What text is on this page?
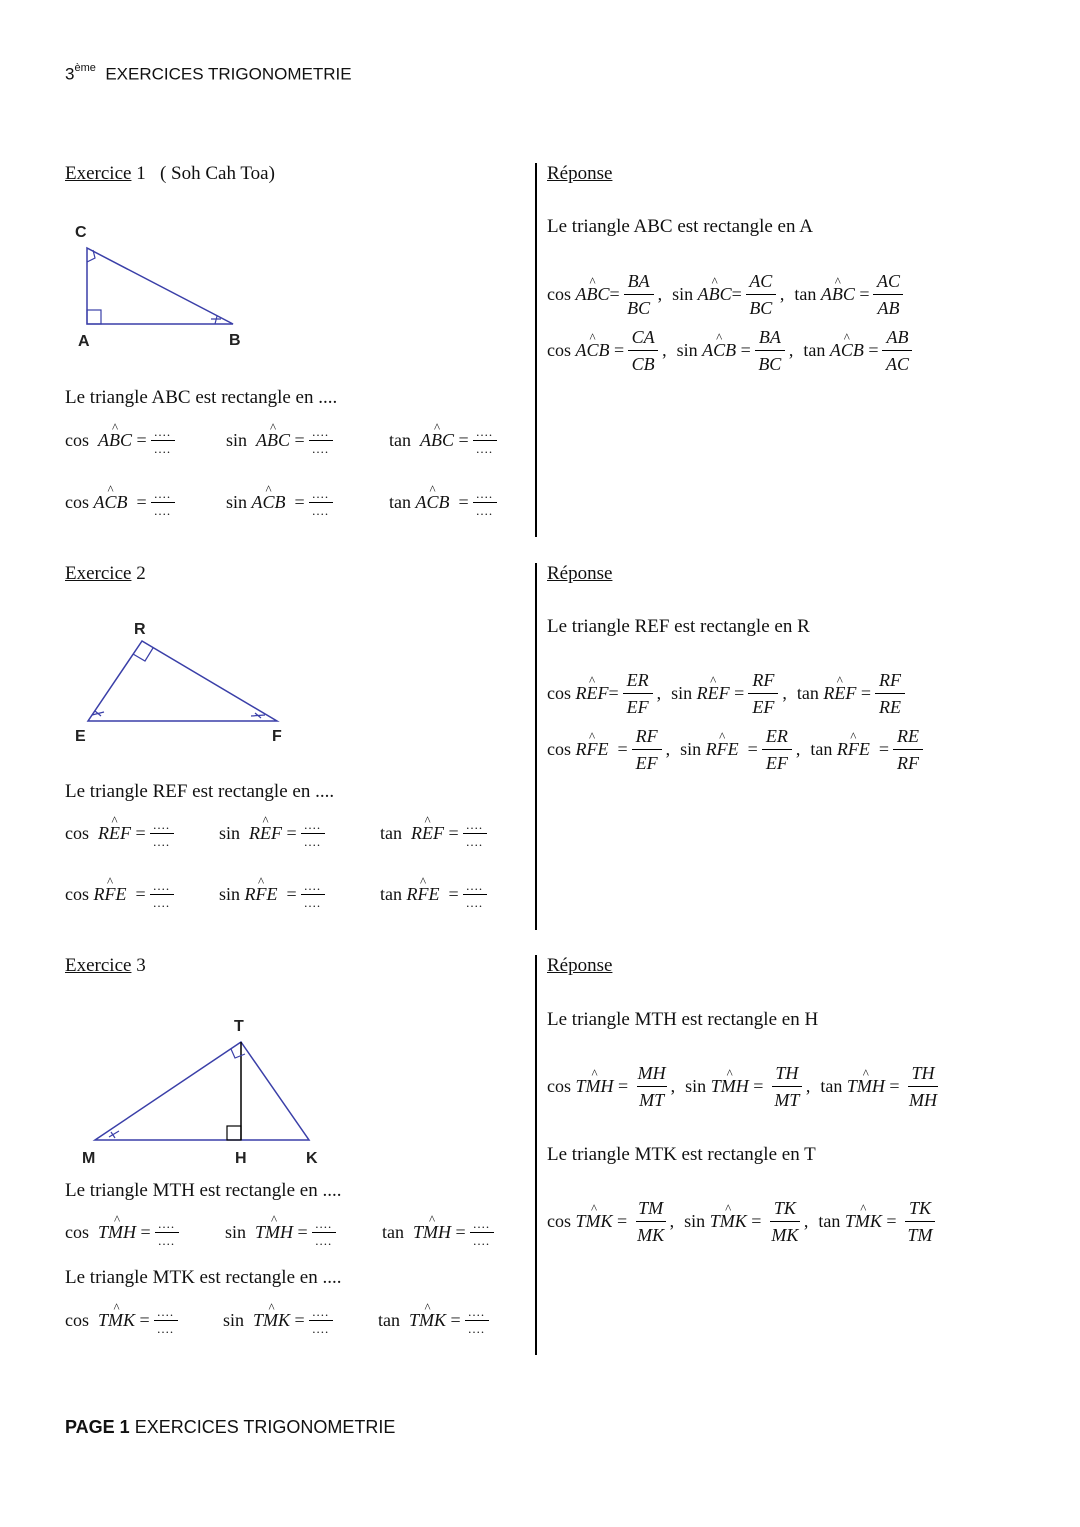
3ème EXERCICES TRIGONOMETRIE
Exercice 1 ( Soh Cah Toa)
C
A	B
Le triangle ABC est rectangle en ....
cos
^ ABC = $\frac{....}{....}$	sin
^ ABC = $\frac{....}{....}$	tan
^ ABC = $\frac{....}{....}$
cos
^ ACB = $\frac{....}{....}$	sin
^ ACB = $\frac{....}{....}$	tan
^ ACB = $\frac{....}{....}$
Réponse
Le triangle ABC est rectangle en A
cos
^ ABC =
BA
BC
, sin
^ ABC =
AC
BC
, tan
^ ABC =
AC
AB
cos
^ ACB =
CA
CB
, sin
^ ACB =
BA
BC
, tan
^ ACB =
AB
AC
Exercice 2
R
E	F
Le triangle REF est rectangle en ....
cos
^ REF = $\frac{....}{....}$	sin
^ REF = $\frac{....}{....}$	tan
^ REF = $\frac{....}{....}$
cos
^ RFE = $\frac{....}{....}$	sin
^ RFE = $\frac{....}{....}$	tan
^ RFE = $\frac{....}{....}$
Réponse
Le triangle REF est rectangle en R
cos
^ REF =
ER
EF
, sin
^ REF =
RF
EF
, tan
^ REF =
RF
RE
cos
^ RFE =
RF
EF
, sin
^ RFE =
ER
EF
, tan
^ RFE =
RE
RF
Exercice 3
T
M	H	K
Le triangle MTH est rectangle en ....
cos
^ TMH = $\frac{....}{....}$	sin
^ TMH = $\frac{....}{....}$	tan
^ TMH = $\frac{....}{....}$
Le triangle MTK est rectangle en ....
cos
^ TMK = $\frac{....}{....}$	sin
^ TMK = $\frac{....}{....}$	tan
^ TMK = $\frac{....}{....}$
Réponse
Le triangle MTH est rectangle en H
cos
^ TMH =
MH
MT
, sin
^ TMH =
TH
MT
, tan
^ TMH =
TH
MH
Le triangle MTK est rectangle en T
cos
^ TMK =
TM
MK
, sin
^ TMK =
TK
MK
, tan
^ TMK =
TK
TM
PAGE 1 EXERCICES TRIGONOMETRIE
